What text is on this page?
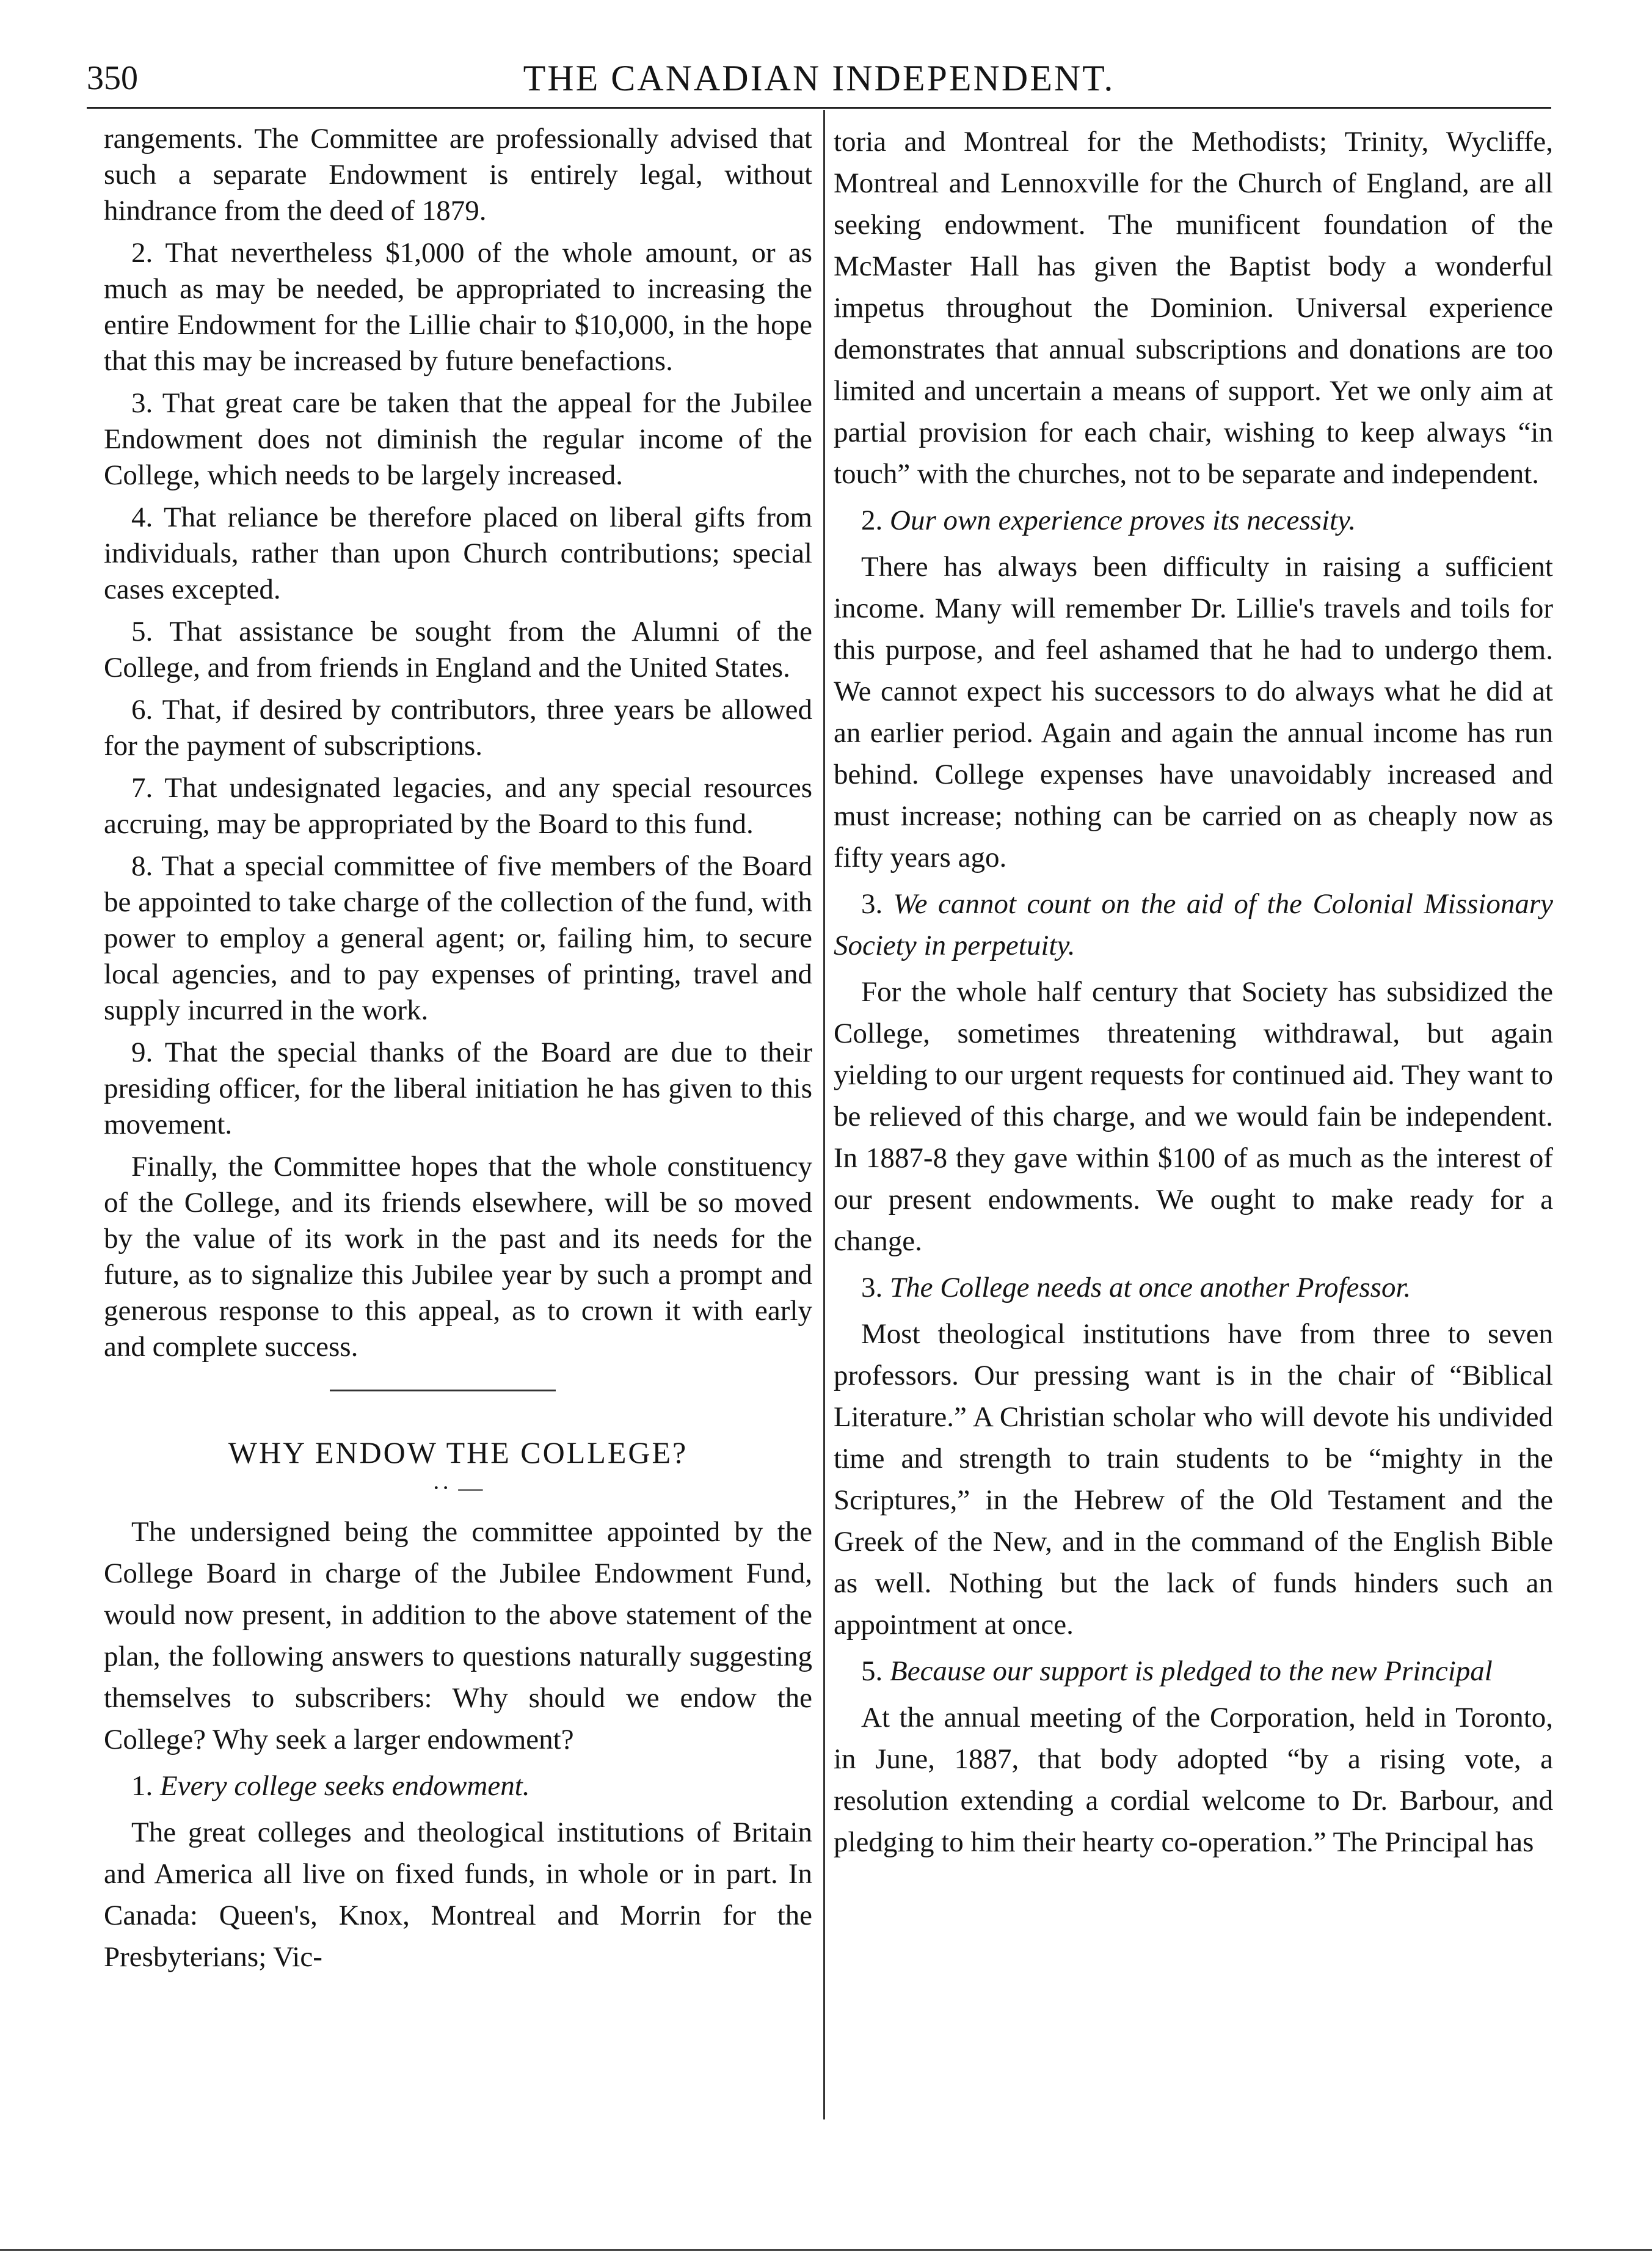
350	THE CANADIAN INDEPENDENT.

rangements. The Committee are professionally advised that such a separate Endowment is entirely legal, without hindrance from the deed of 1879.

2. That nevertheless $1,000 of the whole amount, or as much as may be needed, be appropriated to increasing the entire Endowment for the Lillie chair to $10,000, in the hope that this may be increased by future benefactions.

3. That great care be taken that the appeal for the Jubilee Endowment does not diminish the regular income of the College, which needs to be largely increased.

4. That reliance be therefore placed on liberal gifts from individuals, rather than upon Church contributions; special cases excepted.

5. That assistance be sought from the Alumni of the College, and from friends in England and the United States.

6. That, if desired by contributors, three years be allowed for the payment of subscriptions.

7. That undesignated legacies, and any special resources accruing, may be appropriated by the Board to this fund.

8. That a special committee of five members of the Board be appointed to take charge of the collection of the fund, with power to employ a general agent; or, failing him, to secure local agencies, and to pay expenses of printing, travel and supply incurred in the work.

9. That the special thanks of the Board are due to their presiding officer, for the liberal initiation he has given to this movement.

Finally, the Committee hopes that the whole constituency of the College, and its friends elsewhere, will be so moved by the value of its work in the past and its needs for the future, as to signalize this Jubilee year by such a prompt and generous response to this appeal, as to crown it with early and complete success.

WHY ENDOW THE COLLEGE?
·· —

The undersigned being the committee appointed by the College Board in charge of the Jubilee Endowment Fund, would now present, in addition to the above statement of the plan, the following answers to questions naturally suggesting themselves to subscribers: Why should we endow the College? Why seek a larger endowment?

1. Every college seeks endowment.

The great colleges and theological institutions of Britain and America all live on fixed funds, in whole or in part. In Canada: Queen's, Knox, Montreal and Morrin for the Presbyterians; Vic-

toria and Montreal for the Methodists; Trinity, Wycliffe, Montreal and Lennoxville for the Church of England, are all seeking endowment. The munificent foundation of the McMaster Hall has given the Baptist body a wonderful impetus throughout the Dominion. Universal experience demonstrates that annual subscriptions and donations are too limited and uncertain a means of support. Yet we only aim at partial provision for each chair, wishing to keep always “in touch” with the churches, not to be separate and independent.

2. Our own experience proves its necessity.

There has always been difficulty in raising a sufficient income. Many will remember Dr. Lillie's travels and toils for this purpose, and feel ashamed that he had to undergo them. We cannot expect his successors to do always what he did at an earlier period. Again and again the annual income has run behind. College expenses have unavoidably increased and must increase; nothing can be carried on as cheaply now as fifty years ago.

3. We cannot count on the aid of the Colonial Missionary Society in perpetuity.

For the whole half century that Society has subsidized the College, sometimes threatening withdrawal, but again yielding to our urgent requests for continued aid. They want to be relieved of this charge, and we would fain be independent. In 1887-8 they gave within $100 of as much as the interest of our present endowments. We ought to make ready for a change.

3. The College needs at once another Professor.

Most theological institutions have from three to seven professors. Our pressing want is in the chair of “Biblical Literature.” A Christian scholar who will devote his undivided time and strength to train students to be “mighty in the Scriptures,” in the Hebrew of the Old Testament and the Greek of the New, and in the command of the English Bible as well. Nothing but the lack of funds hinders such an appointment at once.

5. Because our support is pledged to the new Principal

At the annual meeting of the Corporation, held in Toronto, in June, 1887, that body adopted “by a rising vote, a resolution extending a cordial welcome to Dr. Barbour, and pledging to him their hearty co-operation.” The Principal has
